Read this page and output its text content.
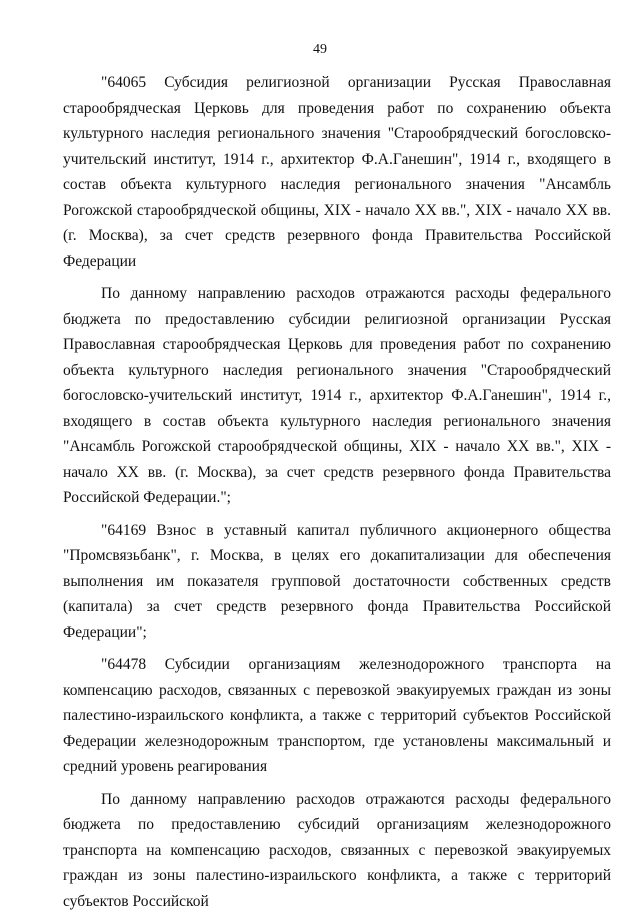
49

"64065 Субсидия религиозной организации Русская Православная старообрядческая Церковь для проведения работ по сохранению объекта культурного наследия регионального значения "Старообрядческий богословско-учительский институт, 1914 г., архитектор Ф.А.Ганешин", 1914 г., входящего в состав объекта культурного наследия регионального значения "Ансамбль Рогожской старообрядческой общины, XIX - начало XX вв.", XIX - начало XX вв. (г. Москва), за счет средств резервного фонда Правительства Российской Федерации

По данному направлению расходов отражаются расходы федерального бюджета по предоставлению субсидии религиозной организации Русская Православная старообрядческая Церковь для проведения работ по сохранению объекта культурного наследия регионального значения "Старообрядческий богословско-учительский институт, 1914 г., архитектор Ф.А.Ганешин", 1914 г., входящего в состав объекта культурного наследия регионального значения "Ансамбль Рогожской старообрядческой общины, XIX - начало XX вв.", XIX - начало XX вв. (г. Москва), за счет средств резервного фонда Правительства Российской Федерации.";

"64169 Взнос в уставный капитал публичного акционерного общества "Промсвязьбанк", г. Москва, в целях его докапитализации для обеспечения выполнения им показателя групповой достаточности собственных средств (капитала) за счет средств резервного фонда Правительства Российской Федерации";

"64478 Субсидии организациям железнодорожного транспорта на компенсацию расходов, связанных с перевозкой эвакуируемых граждан из зоны палестино-израильского конфликта, а также с территорий субъектов Российской Федерации железнодорожным транспортом, где установлены максимальный и средний уровень реагирования

По данному направлению расходов отражаются расходы федерального бюджета по предоставлению субсидий организациям железнодорожного транспорта на компенсацию расходов, связанных с перевозкой эвакуируемых граждан из зоны палестино-израильского конфликта, а также с территорий субъектов Российской
